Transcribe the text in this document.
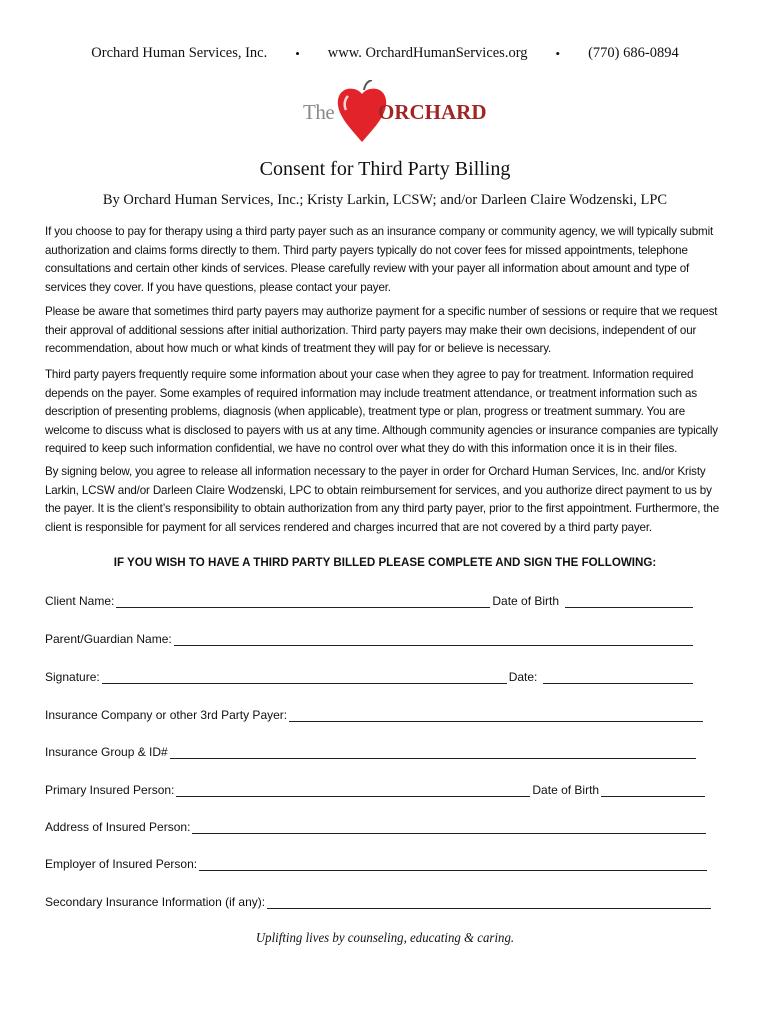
Orchard Human Services, Inc. • www. OrchardHumanServices.org • (770) 686-0894
The ORCHARD
Consent for Third Party Billing
By Orchard Human Services, Inc.; Kristy Larkin, LCSW; and/or Darleen Claire Wodzenski, LPC
If you choose to pay for therapy using a third party payer such as an insurance company or community agency, we will typically submit authorization and claims forms directly to them. Third party payers typically do not cover fees for missed appointments, telephone consultations and certain other kinds of services. Please carefully review with your payer all information about amount and type of services they cover. If you have questions, please contact your payer.
Please be aware that sometimes third party payers may authorize payment for a specific number of sessions or require that we request their approval of additional sessions after initial authorization. Third party payers may make their own decisions, independent of our recommendation, about how much or what kinds of treatment they will pay for or believe is necessary.
Third party payers frequently require some information about your case when they agree to pay for treatment. Information required depends on the payer. Some examples of required information may include treatment attendance, or treatment information such as description of presenting problems, diagnosis (when applicable), treatment type or plan, progress or treatment summary. You are welcome to discuss what is disclosed to payers with us at any time. Although community agencies or insurance companies are typically required to keep such information confidential, we have no control over what they do with this information once it is in their files.
By signing below, you agree to release all information necessary to the payer in order for Orchard Human Services, Inc. and/or Kristy Larkin, LCSW and/or Darleen Claire Wodzenski, LPC to obtain reimbursement for services, and you authorize direct payment to us by the payer. It is the client’s responsibility to obtain authorization from any third party payer, prior to the first appointment. Furthermore, the client is responsible for payment for all services rendered and charges incurred that are not covered by a third party payer.
IF YOU WISH TO HAVE A THIRD PARTY BILLED PLEASE COMPLETE AND SIGN THE FOLLOWING:
Client Name:	Date of Birth
Parent/Guardian Name:
Signature:	Date:
Insurance Company or other 3rd Party Payer:
Insurance Group & ID#
Primary Insured Person:	Date of Birth
Address of Insured Person:
Employer of Insured Person:
Secondary Insurance Information (if any):
Uplifting lives by counseling, educating & caring.
